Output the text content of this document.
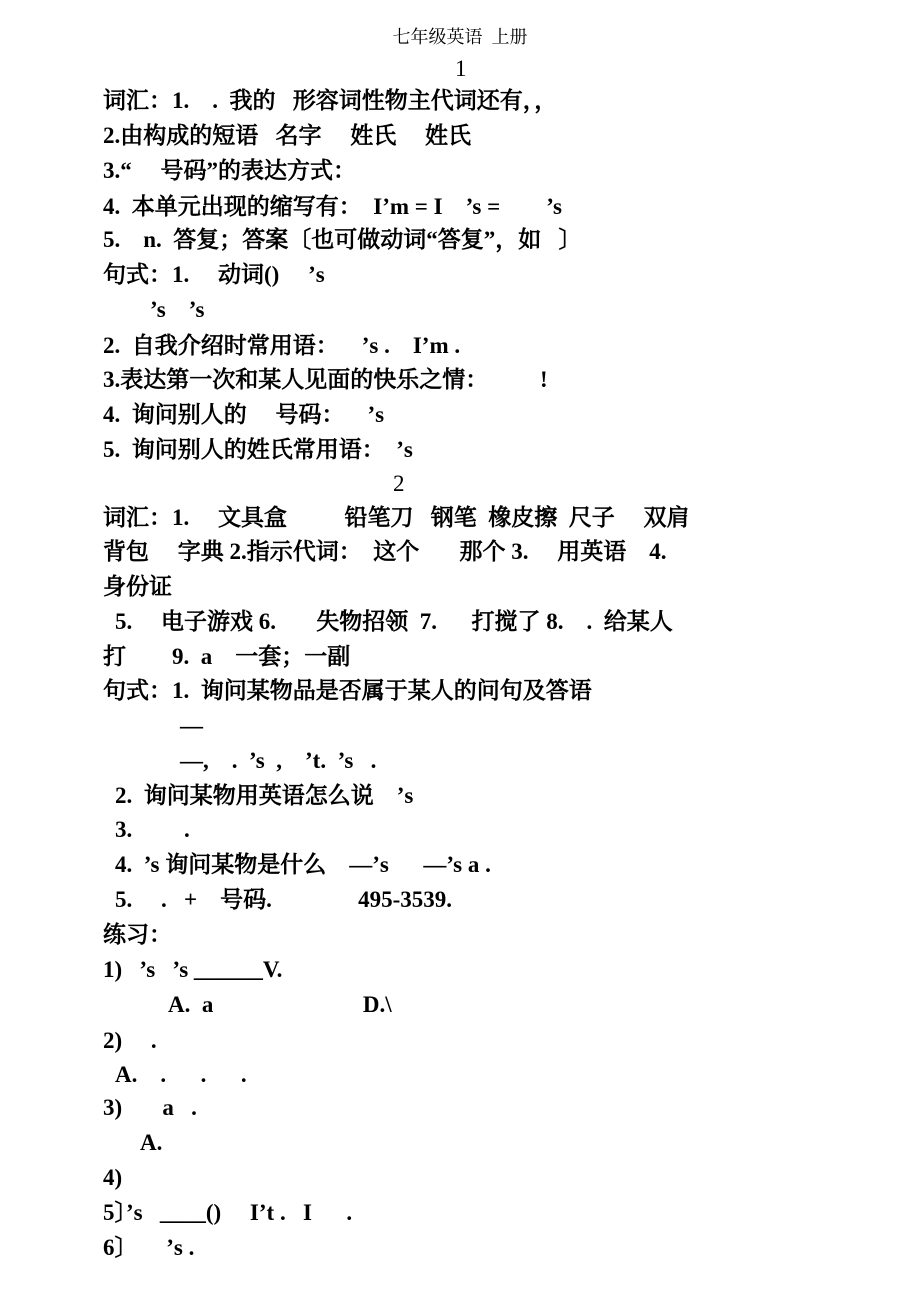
七年级英语  上册
1
词汇：1.    .  我的   形容词性物主代词还有，，
2.由构成的短语   名字     姓氏     姓氏
3.“     号码”的表达方式：
4.  本单元出现的缩写有：  I’m = I    ’s =        ’s
5.    n.  答复；答案〔也可做动词“答复”，如   〕
句式：1.     动词()     ’s
’s    ’s
2.  自我介绍时常用语：    ’s .    I’m .
3.表达第一次和某人见面的快乐之情：         !
4.  询问别人的     号码：    ’s
5.  询问别人的姓氏常用语：  ’s
2
词汇：1.     文具盒          铅笔刀   钢笔  橡皮擦  尺子     双肩
背包     字典 2.指示代词：  这个       那个 3.     用英语    4.
身份证
5.     电子游戏 6.       失物招领  7.      打搅了 8.    .  给某人
打        9.  a    一套；一副
句式：1.  询问某物品是否属于某人的问句及答语
—
—,    .  ’s  ,    ’t.  ’s   .
2.  询问某物用英语怎么说    ’s
3.         .
4.  ’s 询问某物是什么    —’s      —’s a .
5.     .   +    号码.               495-3539.
练习：
1)   ’s   ’s ______V.
A.  a                          D.\
2)     .
A.    .      .      .
3)       a   .
A.
4)
5〕’s   ____()     I’t .   I      .
6〕     ’s .
